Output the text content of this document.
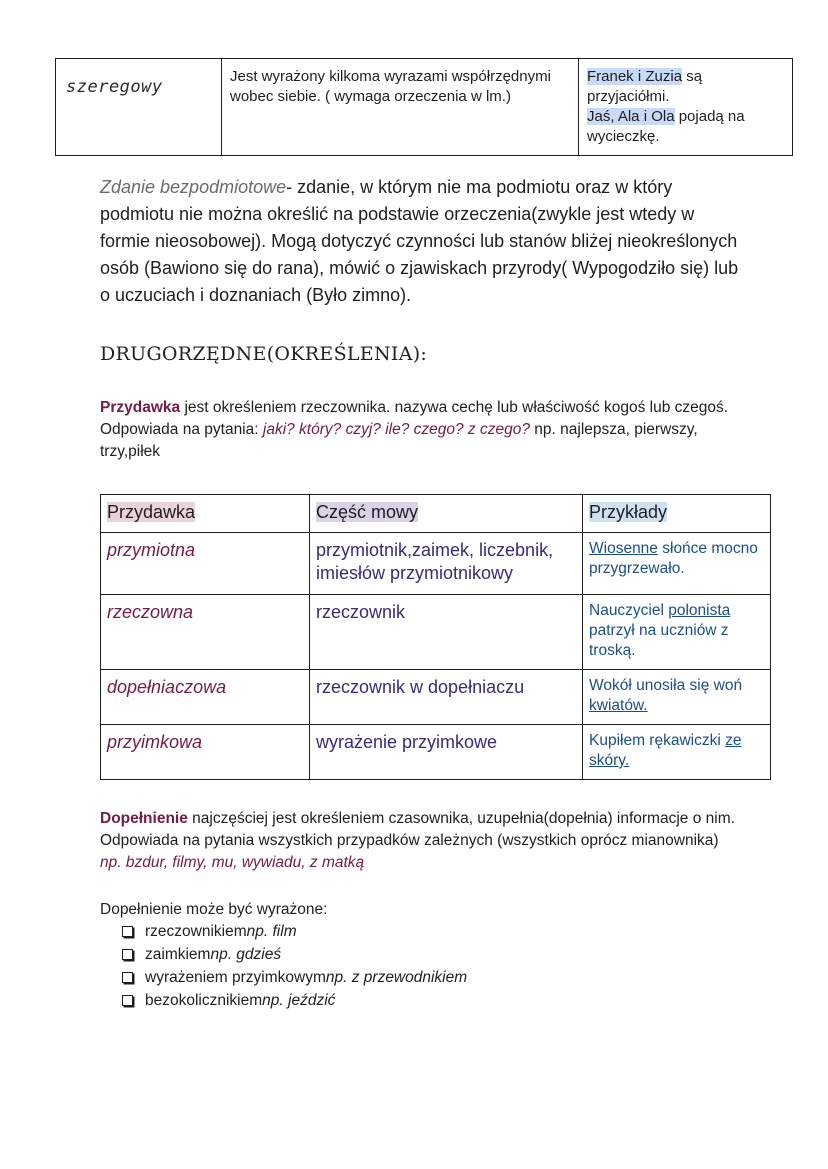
szeregowy	Jest wyrażony kilkoma wyrazami współrzędnymi wobec siebie. ( wymaga orzeczenia w lm.)	Franek i Zuzia są przyjaciółmi.
Jaś, Ala i Ola pojadą na wycieczkę.
Zdanie bezpodmiotowe- zdanie, w którym nie ma podmiotu oraz w który podmiotu nie można określić na podstawie orzeczenia(zwykle jest wtedy w formie nieosobowej). Mogą dotyczyć czynności lub stanów bliżej nieokreślonych osób (Bawiono się do rana), mówić o zjawiskach przyrody( Wypogodziło się) lub o uczuciach i doznaniach (Było zimno).
DRUGORZĘDNE(OKREŚLENIA):
Przydawka jest określeniem rzeczownika. nazywa cechę lub właściwość kogoś lub czegoś. Odpowiada na pytania: jaki? który? czyj? ile? czego? z czego? np. najlepsza, pierwszy, trzy,piłek
Przydawka	Część mowy	Przykłady
przymiotna	przymiotnik,zaimek, liczebnik, imiesłów przymiotnikowy	Wiosenne słońce mocno przygrzewało.
rzeczowna	rzeczownik	Nauczyciel polonista patrzył na uczniów z troską.
dopełniaczowa	rzeczownik w dopełniaczu	Wokół unosiła się woń kwiatów.
przyimkowa	wyrażenie przyimkowe	Kupiłem rękawiczki ze skóry.
Dopełnienie najczęściej jest określeniem czasownika, uzupełnia(dopełnia) informacje o nim. Odpowiada na pytania wszystkich przypadków zależnych (wszystkich oprócz mianownika) np. bzdur, filmy, mu, wywiadu, z matką
Dopełnienie może być wyrażone:
rzeczownikiem np. film
zaimkiem np. gdzieś
wyrażeniem przyimkowym np. z przewodnikiem
bezokolicznikiem np. jeździć
